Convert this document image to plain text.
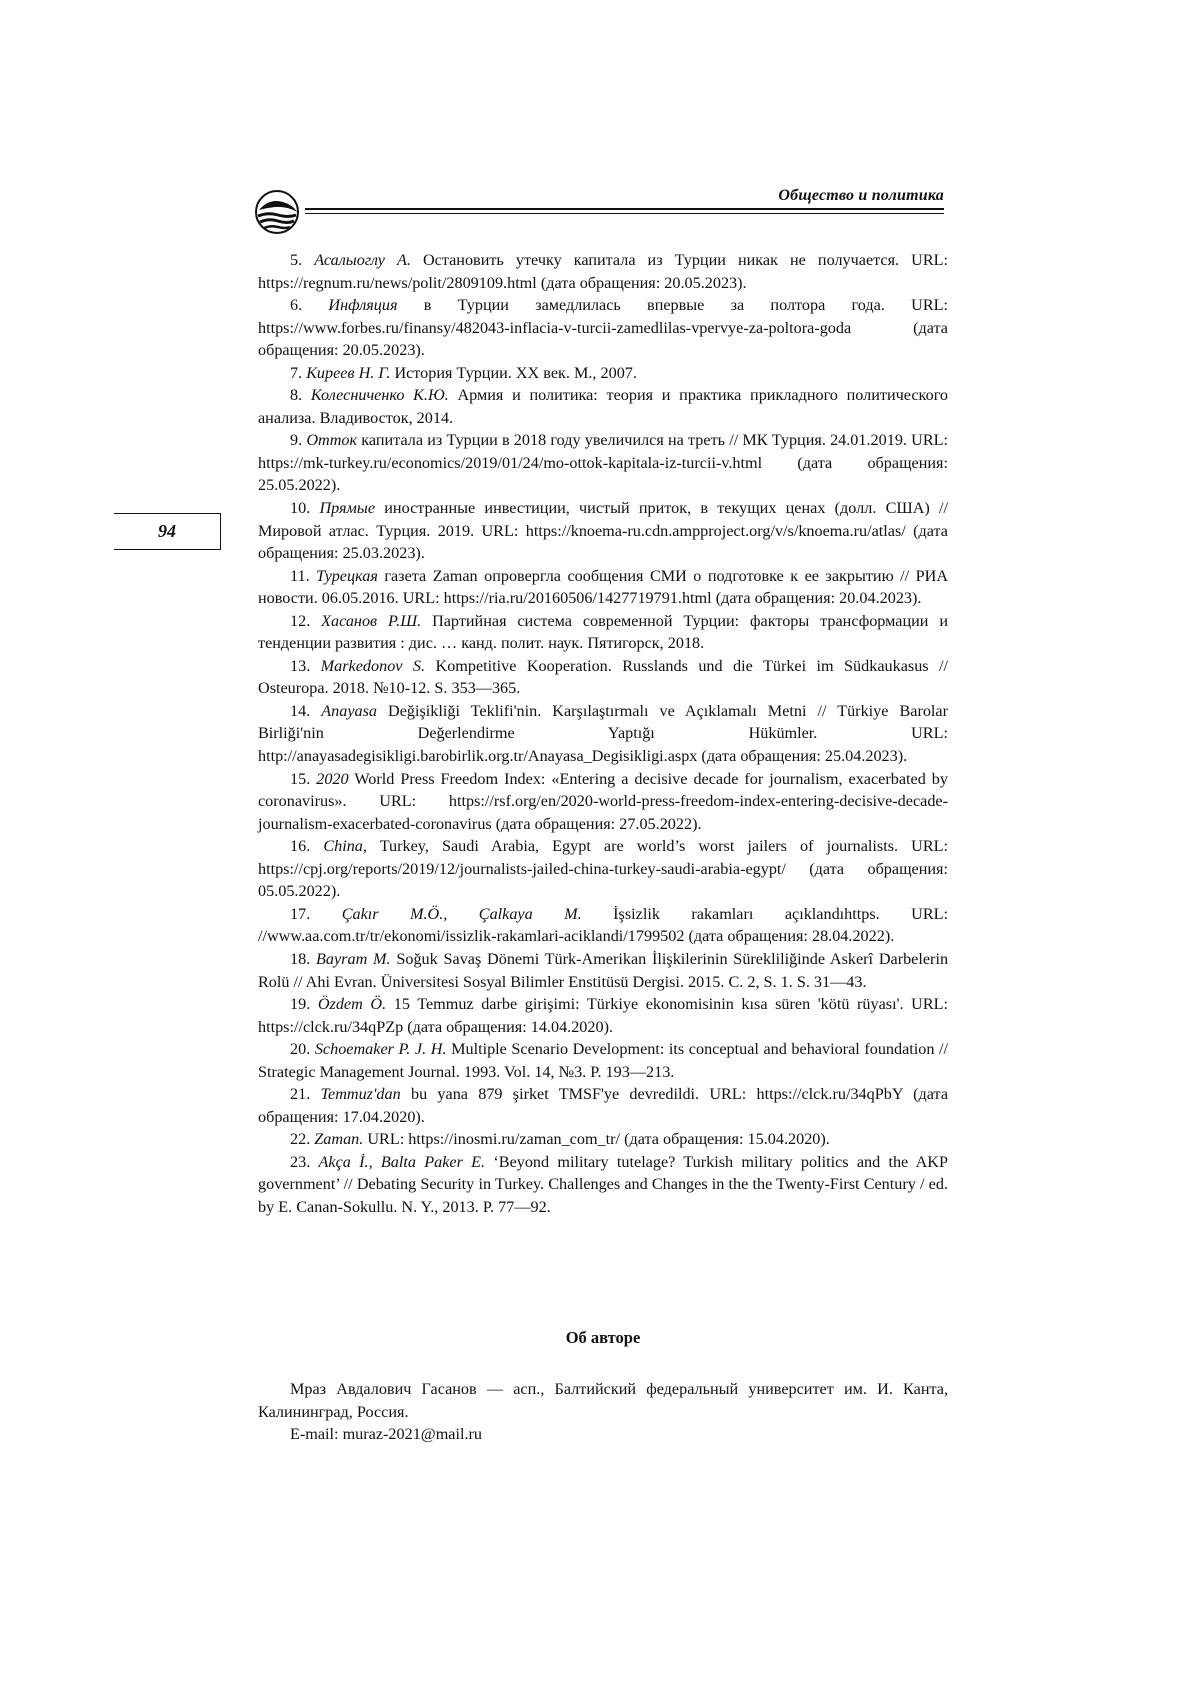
Общество и политика
94

5. Асалыоглу А. Остановить утечку капитала из Турции никак не получается. URL: https://regnum.ru/news/polit/2809109.html (дата обращения: 20.05.2023).

6. Инфляция в Турции замедлилась впервые за полтора года. URL: https://www.forbes.ru/finansy/482043-inflacia-v-turcii-zamedlilas-vpervye-za-poltora-goda (дата обращения: 20.05.2023).

7. Киреев Н. Г. История Турции. XX век. М., 2007.

8. Колесниченко К.Ю. Армия и политика: теория и практика прикладного политического анализа. Владивосток, 2014.

9. Отток капитала из Турции в 2018 году увеличился на треть // МК Турция. 24.01.2019. URL: https://mk-turkey.ru/economics/2019/01/24/mo-ottok-kapitala-iz-turcii-v.html (дата обращения: 25.05.2022).

10. Прямые иностранные инвестиции, чистый приток, в текущих ценах (долл. США) // Мировой атлас. Турция. 2019. URL: https://knoema-ru.cdn.ampproject.org/v/s/knoema.ru/atlas/ (дата обращения: 25.03.2023).

11. Турецкая газета Zaman опровергла сообщения СМИ о подготовке к ее закрытию // РИА новости. 06.05.2016. URL: https://ria.ru/20160506/1427719791.html (дата обращения: 20.04.2023).

12. Хасанов Р.Ш. Партийная система современной Турции: факторы трансформации и тенденции развития : дис. … канд. полит. наук. Пятигорск, 2018.

13. Markedonov S. Kompetitive Kooperation. Russlands und die Türkei im Südkaukasus // Osteuropa. 2018. №10-12. S. 353—365.

14. Anayasa Değişikliği Teklifi'nin. Karşılaştırmalı ve Açıklamalı Metni // Türkiye Barolar Birliği'nin Değerlendirme Yaptığı Hükümler. URL: http://anayasadegisikligi.barobirlik.org.tr/Anayasa_Degisikligi.aspx (дата обращения: 25.04.2023).

15. 2020 World Press Freedom Index: «Entering a decisive decade for journalism, exacerbated by coronavirus». URL: https://rsf.org/en/2020-world-press-freedom-index-entering-decisive-decade-journalism-exacerbated-coronavirus (дата обращения: 27.05.2022).

16. China, Turkey, Saudi Arabia, Egypt are world’s worst jailers of journalists. URL: https://cpj.org/reports/2019/12/journalists-jailed-china-turkey-saudi-arabia-egypt/ (дата обращения: 05.05.2022).

17. Çakır M.Ö., Çalkaya M. İşsizlik rakamları açıklandıhttps. URL: //www.aa.com.tr/tr/ekonomi/issizlik-rakamlari-aciklandi/1799502 (дата обращения: 28.04.2022).

18. Bayram M. Soğuk Savaş Dönemi Türk-Amerikan İlişkilerinin Sürekliliğinde Askerî Darbelerin Rolü // Ahi Evran. Üniversitesi Sosyal Bilimler Enstitüsü Dergisi. 2015. C. 2, S. 1. S. 31—43.

19. Özdem Ö. 15 Temmuz darbe girişimi: Türkiye ekonomisinin kısa süren 'kötü rüyası'. URL: https://clck.ru/34qPZp (дата обращения: 14.04.2020).

20. Schoemaker P. J. H. Multiple Scenario Development: its conceptual and behavioral foundation // Strategic Management Journal. 1993. Vol. 14, №3. P. 193—213.

21. Temmuz'dan bu yana 879 şirket TMSF'ye devredildi. URL: https://clck.ru/34qPbY (дата обращения: 17.04.2020).

22. Zaman. URL: https://inosmi.ru/zaman_com_tr/ (дата обращения: 15.04.2020).

23. Akça İ., Balta Paker E. ‘Beyond military tutelage? Turkish military politics and the AKP government’ // Debating Security in Turkey. Challenges and Changes in the the Twenty-First Century / ed. by E. Canan-Sokullu. N. Y., 2013. P. 77—92.

Об авторе

Мраз Авдалович Гасанов — асп., Балтийский федеральный университет им. И. Канта, Калининград, Россия.

E-mail: muraz-2021@mail.ru
